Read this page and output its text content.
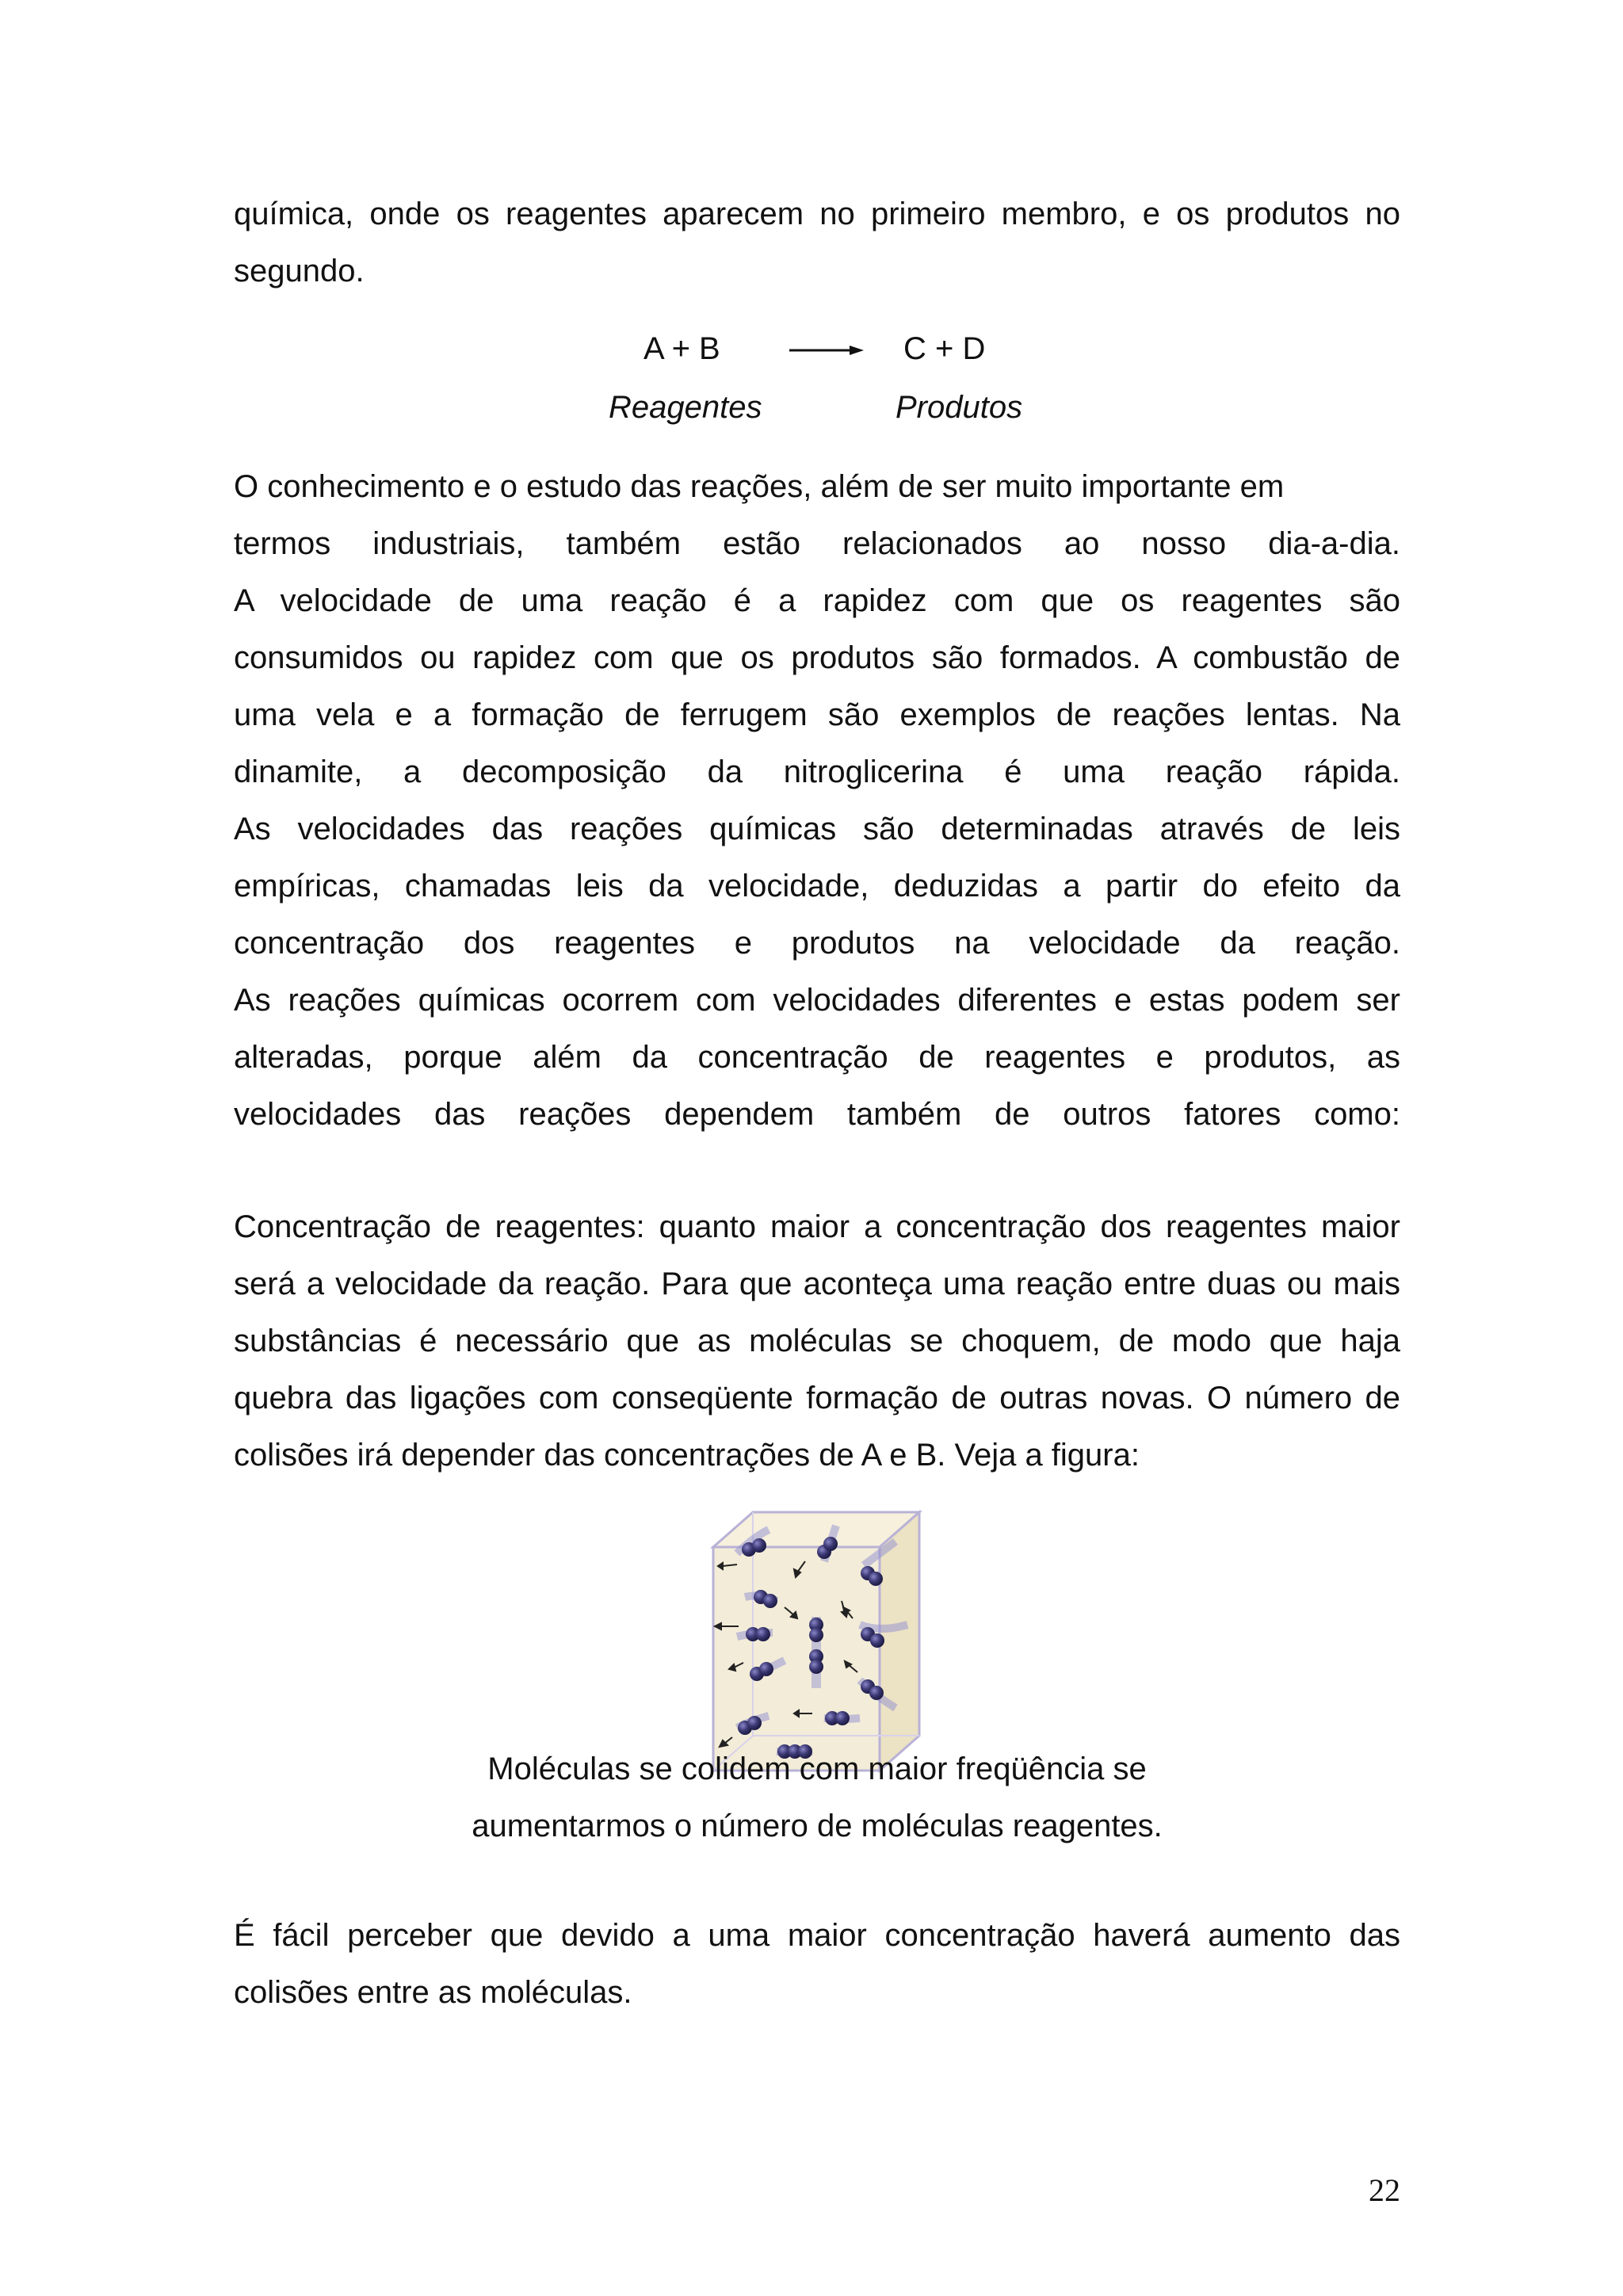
química, onde os reagentes aparecem no primeiro membro, e os produtos no segundo.

A + B	C + D
Reagentes	Produtos

O conhecimento e o estudo das reações, além de ser muito importante em

termos industriais, também estão relacionados ao nosso dia-a-dia.

A velocidade de uma reação é a rapidez com que os reagentes são

consumidos ou rapidez com que os produtos são formados. A combustão de

uma vela e a formação de ferrugem são exemplos de reações lentas. Na

dinamite, a decomposição da nitroglicerina é uma reação rápida.

As velocidades das reações químicas são determinadas através de leis

empíricas, chamadas leis da velocidade, deduzidas a partir do efeito da

concentração dos reagentes e produtos na velocidade da reação.

As reações químicas ocorrem com velocidades diferentes e estas podem ser

alteradas, porque além da concentração de reagentes e produtos, as

velocidades das reações dependem também de outros fatores como:

Concentração de reagentes: quanto maior a concentração dos reagentes maior será a velocidade da reação. Para que aconteça uma reação entre duas ou mais substâncias é necessário que as moléculas se choquem, de modo que haja quebra das ligações com conseqüente formação de outras novas. O número de colisões irá depender das concentrações de A e B. Veja a figura:

Moléculas se colidem com maior freqüência se
aumentarmos o número de moléculas reagentes.

É fácil perceber que devido a uma maior concentração haverá aumento das colisões entre as moléculas.

22
